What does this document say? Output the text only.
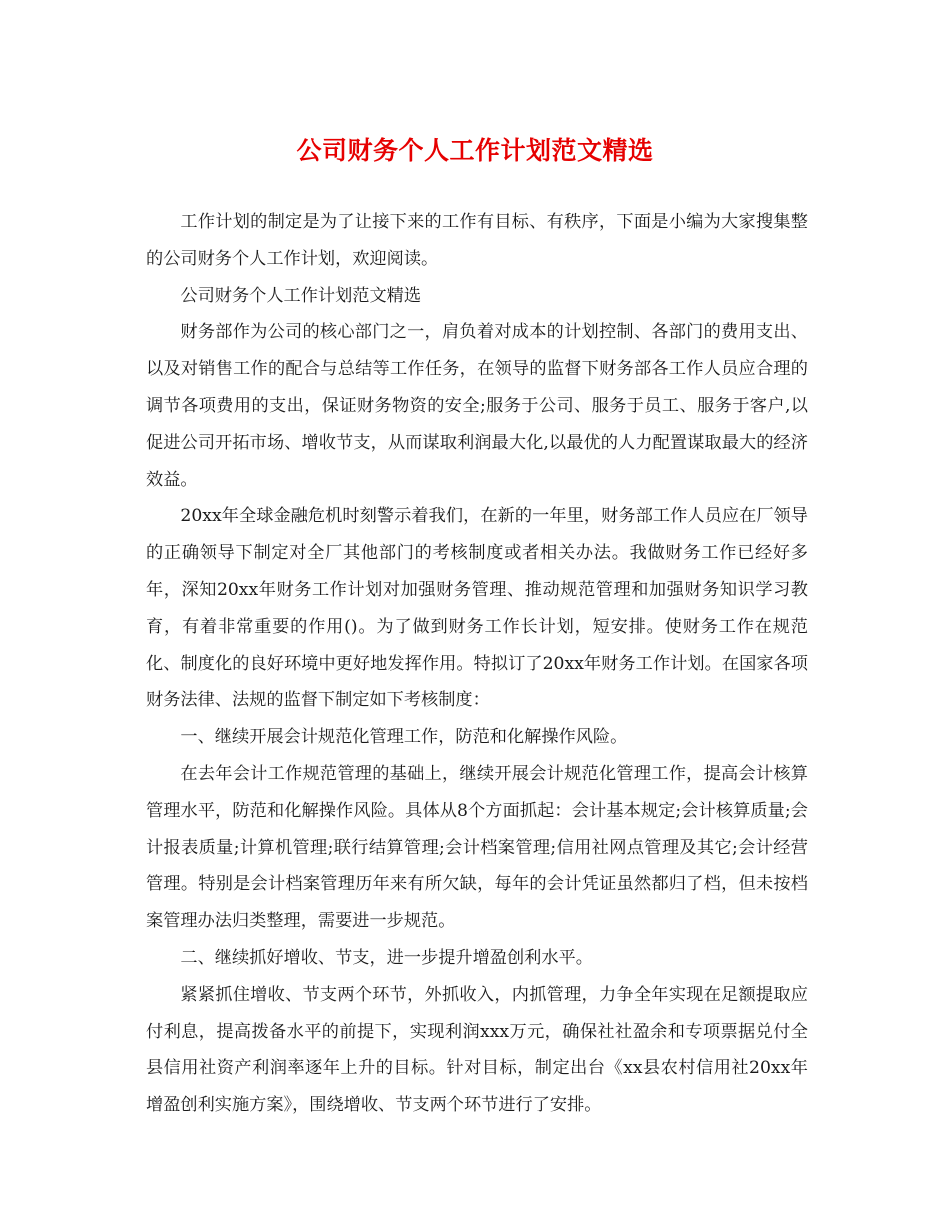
公司财务个人工作计划范文精选

工作计划的制定是为了让接下来的工作有目标、有秩序，下面是小编为大家搜集整的公司财务个人工作计划，欢迎阅读。

公司财务个人工作计划范文精选

财务部作为公司的核心部门之一，肩负着对成本的计划控制、各部门的费用支出、以及对销售工作的配合与总结等工作任务，在领导的监督下财务部各工作人员应合理的调节各项费用的支出，保证财务物资的安全;服务于公司、服务于员工、服务于客户,以促进公司开拓市场、增收节支，从而谋取利润最大化,以最优的人力配置谋取最大的经济效益。

20xx年全球金融危机时刻警示着我们，在新的一年里，财务部工作人员应在厂领导的正确领导下制定对全厂其他部门的考核制度或者相关办法。我做财务工作已经好多年，深知20xx年财务工作计划对加强财务管理、推动规范管理和加强财务知识学习教育，有着非常重要的作用()。为了做到财务工作长计划，短安排。使财务工作在规范化、制度化的良好环境中更好地发挥作用。特拟订了20xx年财务工作计划。在国家各项财务法律、法规的监督下制定如下考核制度：

一、继续开展会计规范化管理工作，防范和化解操作风险。

在去年会计工作规范管理的基础上，继续开展会计规范化管理工作，提高会计核算管理水平，防范和化解操作风险。具体从8个方面抓起：会计基本规定;会计核算质量;会计报表质量;计算机管理;联行结算管理;会计档案管理;信用社网点管理及其它;会计经营管理。特别是会计档案管理历年来有所欠缺，每年的会计凭证虽然都归了档，但未按档案管理办法归类整理，需要进一步规范。

二、继续抓好增收、节支，进一步提升增盈创利水平。

紧紧抓住增收、节支两个环节，外抓收入，内抓管理，力争全年实现在足额提取应付利息，提高拨备水平的前提下，实现利润xxx万元，确保社社盈余和专项票据兑付全县信用社资产利润率逐年上升的目标。针对目标，制定出台《xx县农村信用社20xx年增盈创利实施方案》，围绕增收、节支两个环节进行了安排。
